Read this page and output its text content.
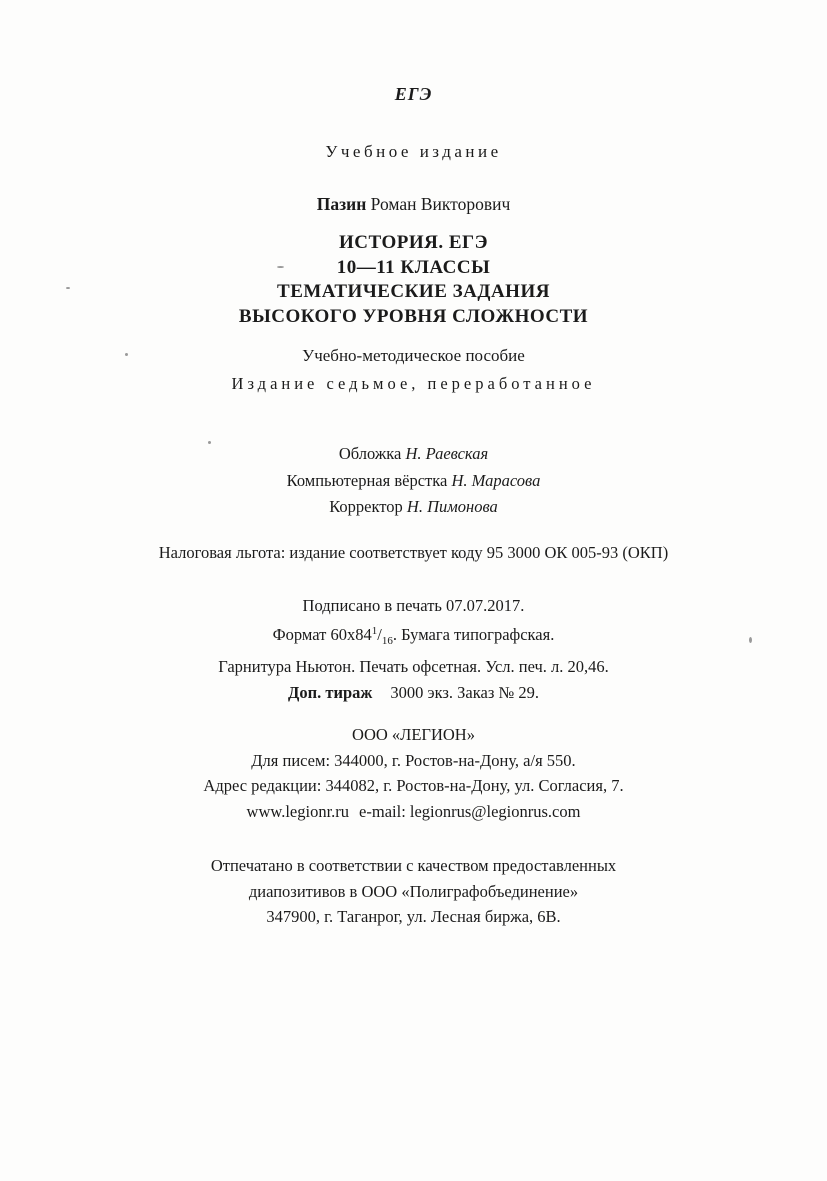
ЕГЭ
Учебное издание
Пазин Роман Викторович
ИСТОРИЯ. ЕГЭ
10—11 КЛАССЫ
ТЕМАТИЧЕСКИЕ ЗАДАНИЯ
ВЫСОКОГО УРОВНЯ СЛОЖНОСТИ
Учебно-методическое пособие
Издание седьмое, переработанное
Обложка Н. Раевская
Компьютерная вёрстка Н. Марасова
Корректор Н. Пимонова
Налоговая льгота: издание соответствует коду 95 3000 ОК 005-93 (ОКП)
Подписано в печать 07.07.2017.
Формат $60х84^1/_{16}$. Бумага типографская.
Гарнитура Ньютон. Печать офсетная. Усл. печ. л. 20,46.
Доп. тираж 3000 экз. Заказ № 29.
ООО «ЛЕГИОН»
Для писем: 344000, г. Ростов-на-Дону, а/я 550.
Адрес редакции: 344082, г. Ростов-на-Дону, ул. Согласия, 7.
www.legionr.ru e-mail: legionrus@legionrus.com
Отпечатано в соответствии с качеством предоставленных
диапозитивов в ООО «Полиграфобъединение»
347900, г. Таганрог, ул. Лесная биржа, 6В.
